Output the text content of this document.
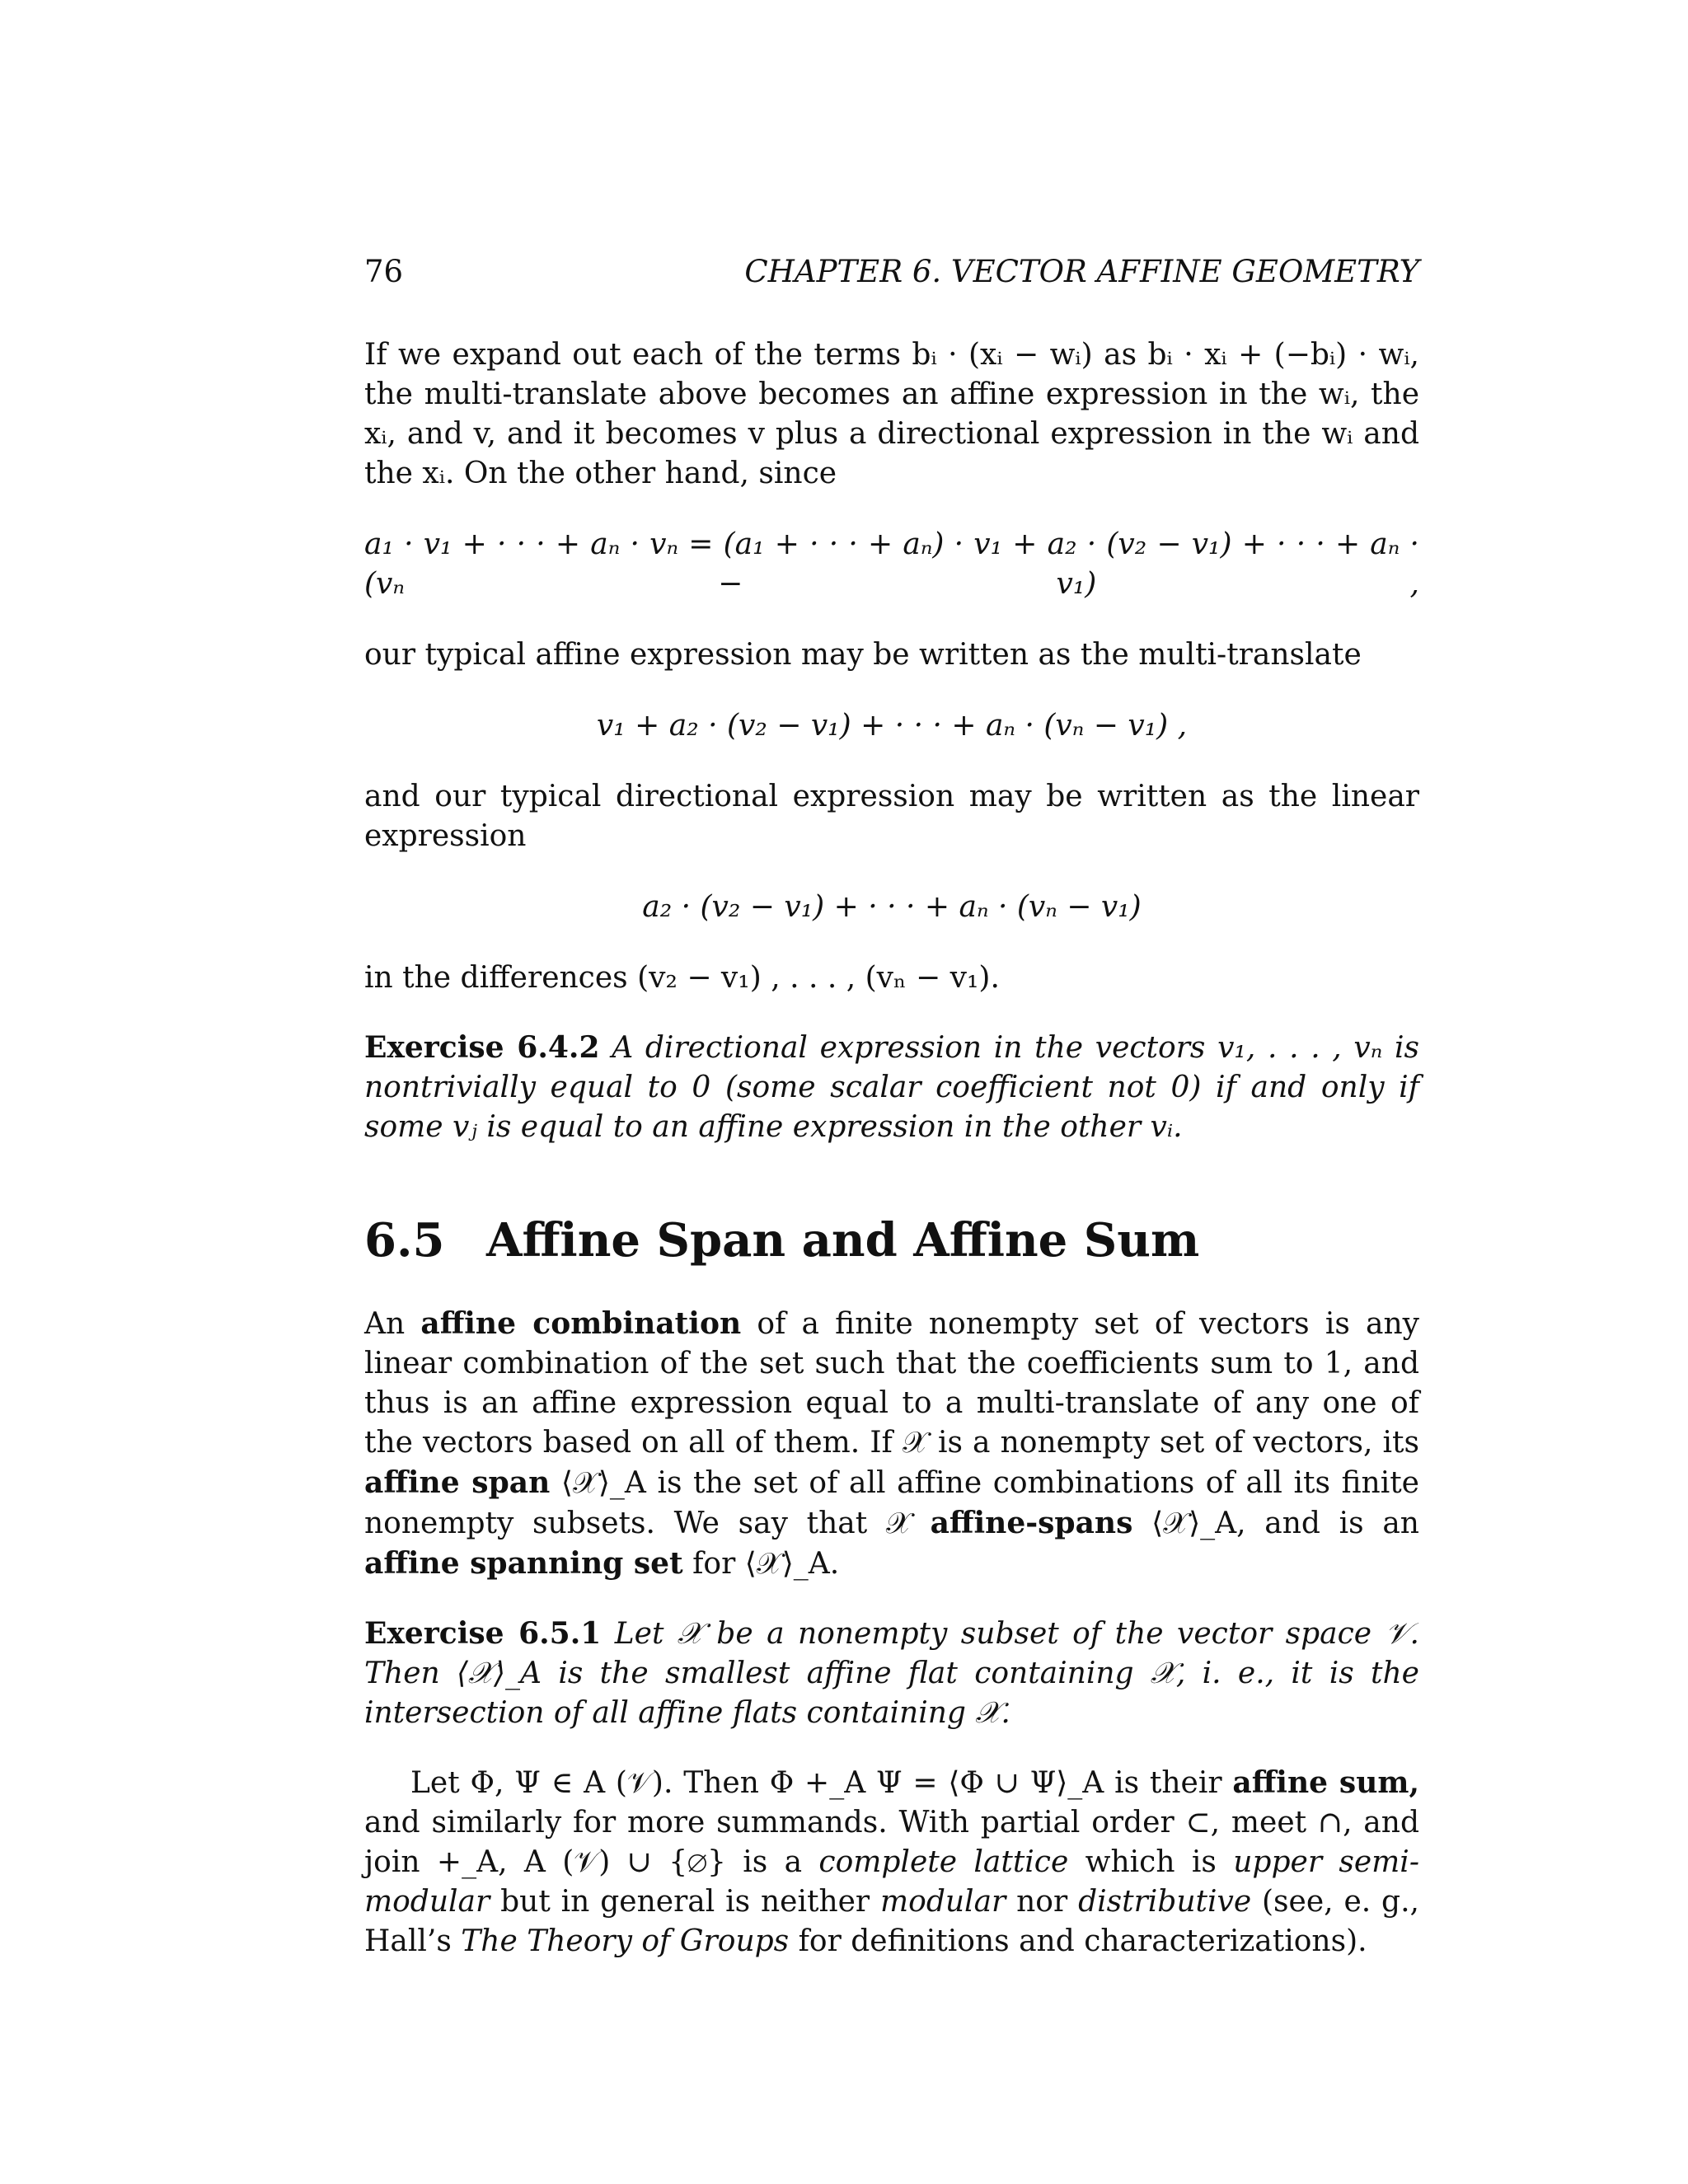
76	CHAPTER 6. VECTOR AFFINE GEOMETRY

If we expand out each of the terms bᵢ · (xᵢ − wᵢ) as bᵢ · xᵢ + (−bᵢ) · wᵢ, the multi-translate above becomes an affine expression in the wᵢ, the xᵢ, and v, and it becomes v plus a directional expression in the wᵢ and the xᵢ. On the other hand, since

a₁ · v₁ + · · · + aₙ · vₙ = (a₁ + · · · + aₙ) · v₁ + a₂ · (v₂ − v₁) + · · · + aₙ · (vₙ − v₁) ,

our typical affine expression may be written as the multi-translate

v₁ + a₂ · (v₂ − v₁) + · · · + aₙ · (vₙ − v₁) ,

and our typical directional expression may be written as the linear expression

a₂ · (v₂ − v₁) + · · · + aₙ · (vₙ − v₁)

in the differences (v₂ − v₁) , . . . , (vₙ − v₁).

Exercise 6.4.2 A directional expression in the vectors v₁, . . . , vₙ is nontrivially equal to 0 (some scalar coefficient not 0) if and only if some vⱼ is equal to an affine expression in the other vᵢ.

6.5 Affine Span and Affine Sum

An affine combination of a finite nonempty set of vectors is any linear combination of the set such that the coefficients sum to 1, and thus is an affine expression equal to a multi-translate of any one of the vectors based on all of them. If 𝒳 is a nonempty set of vectors, its affine span ⟨𝒳⟩_A is the set of all affine combinations of all its finite nonempty subsets. We say that 𝒳 affine-spans ⟨𝒳⟩_A, and is an affine spanning set for ⟨𝒳⟩_A.

Exercise 6.5.1 Let 𝒳 be a nonempty subset of the vector space 𝒱. Then ⟨𝒳⟩_A is the smallest affine flat containing 𝒳, i. e., it is the intersection of all affine flats containing 𝒳.

Let Φ, Ψ ∈ A (𝒱). Then Φ +_A Ψ = ⟨Φ ∪ Ψ⟩_A is their affine sum, and similarly for more summands. With partial order ⊂, meet ∩, and join +_A, A (𝒱) ∪ {∅} is a complete lattice which is upper semi-modular but in general is neither modular nor distributive (see, e. g., Hall’s The Theory of Groups for definitions and characterizations).
